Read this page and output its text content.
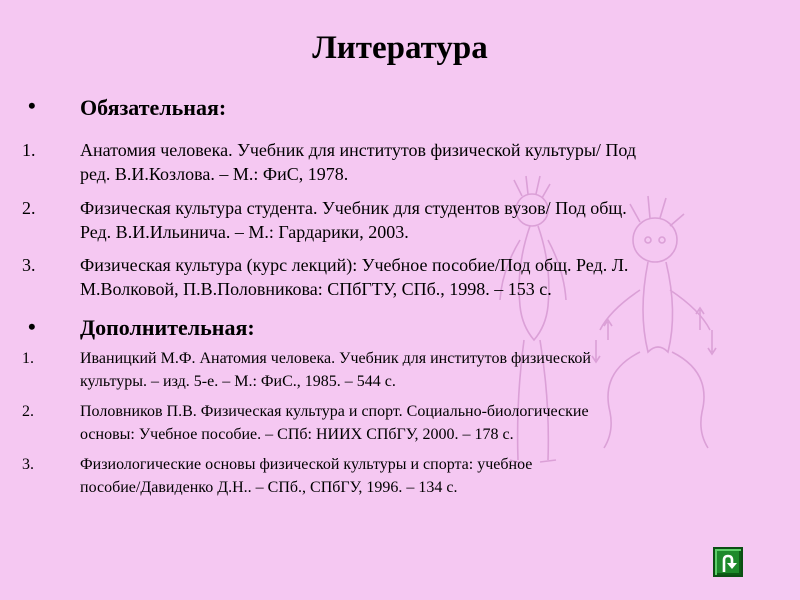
Литература
• Обязательная:
1. Анатомия человека. Учебник для институтов физической культуры/ Под
ред. В.И.Козлова. – М.: ФиС, 1978.
2. Физическая культура студента. Учебник для студентов вузов/ Под общ.
Ред. В.И.Ильинича. – М.: Гардарики, 2003.
3. Физическая культура (курс лекций): Учебное пособие/Под общ. Ред. Л.
М.Волковой, П.В.Половникова: СПбГТУ, СПб., 1998. – 153 с.
• Дополнительная:
1.	Иваницкий М.Ф. Анатомия человека. Учебник для институтов физической
культуры. – изд. 5-е. – М.: ФиС., 1985. – 544 с.
2.	Половников П.В. Физическая культура и спорт. Социально-биологические
основы: Учебное пособие. – СПб: НИИХ СПбГУ, 2000. – 178 с.
3.	Физиологические основы физической культуры и спорта: учебное
пособие/Давиденко Д.Н.. – СПб., СПбГУ, 1996. – 134 с.
